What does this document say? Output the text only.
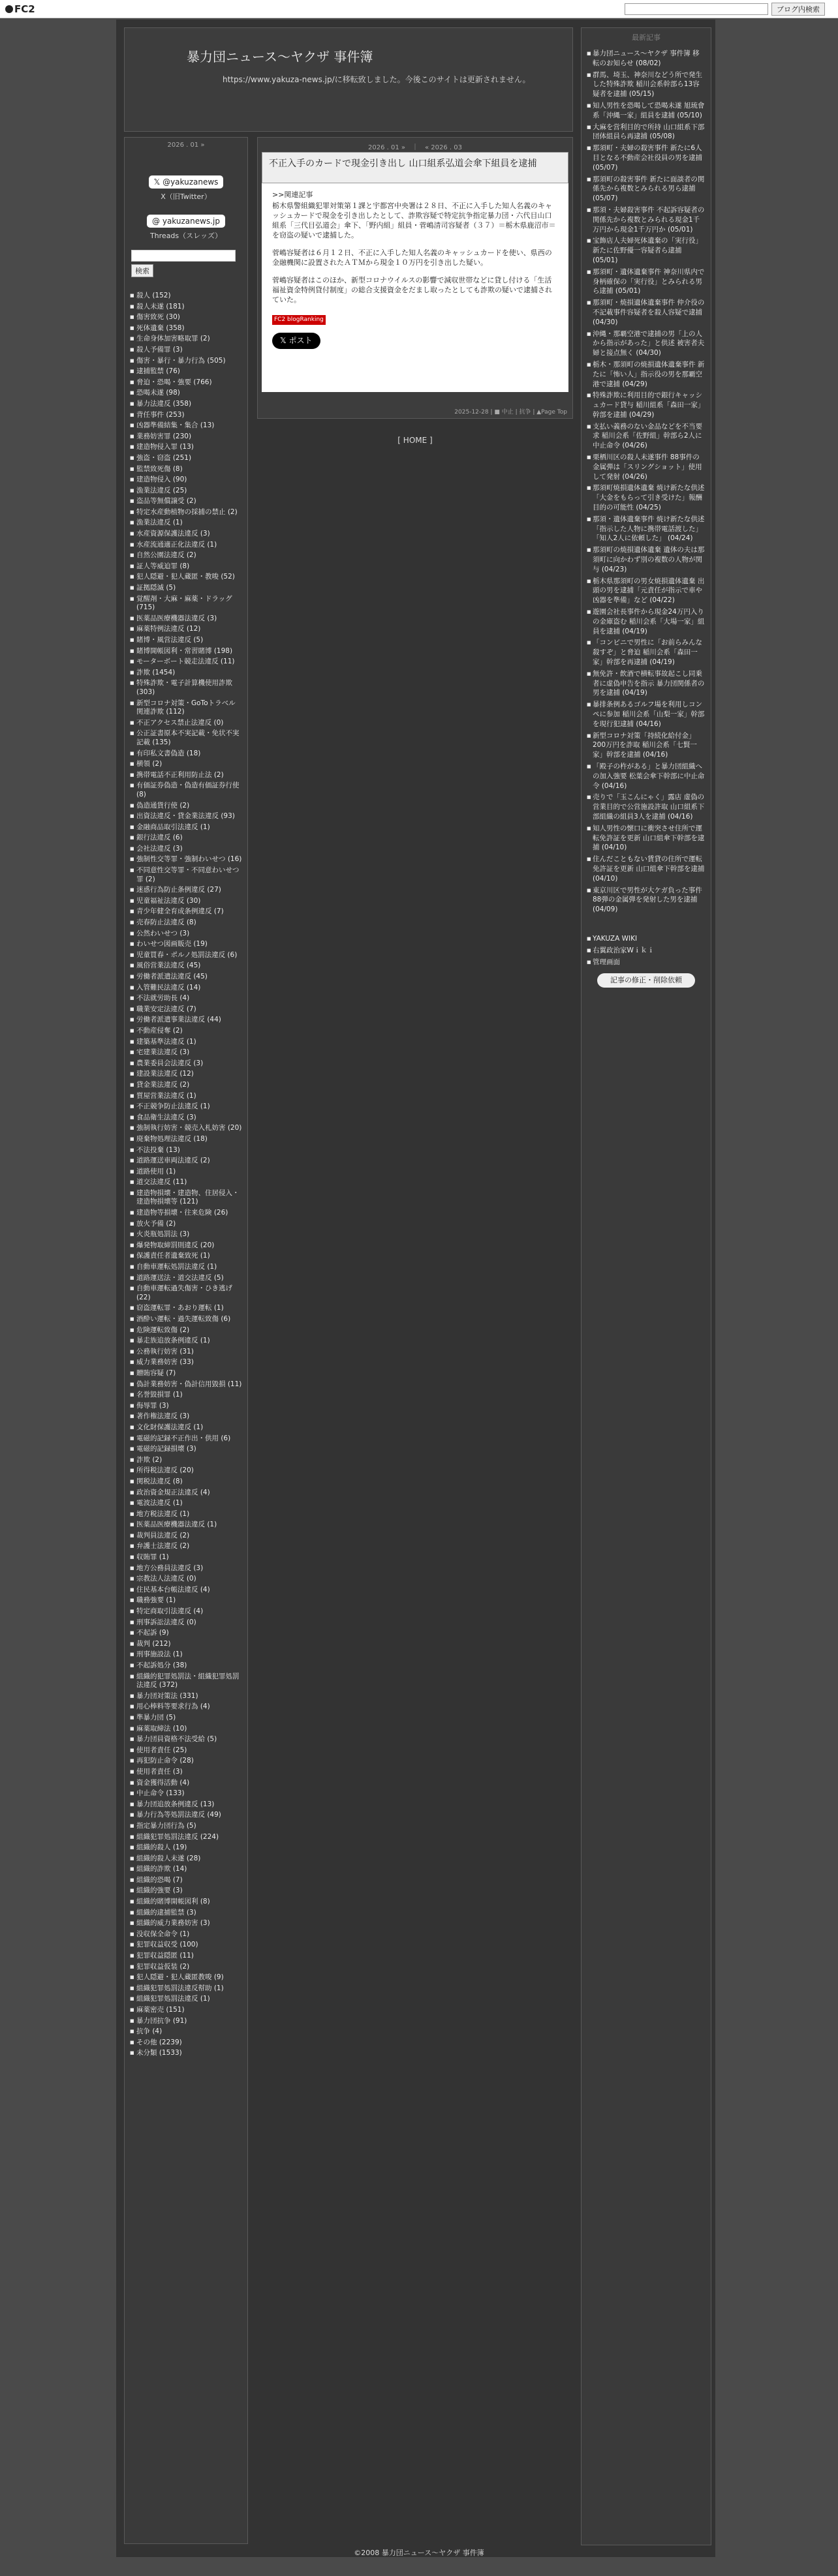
FC2	ブログ内検索
暴力団ニュース〜ヤクザ 事件簿

https://www.yakuza-news.jp/に移転致しました。今後このサイトは更新されません。

2026 . 01 »
𝕏 @yakuzanews
X（旧Twitter）
@ yakuzanews.jp
Threads（スレッズ）
検索
■ 殺人 (152)
■ 殺人未遂 (181)
■ 傷害致死 (30)
■ 死体遺棄 (358)
■ 生命身体加害略取罪 (2)
■ 殺人予備罪 (3)
■ 傷害・暴行・暴力行為 (505)
■ 逮捕監禁 (76)
■ 脅迫・恐喝・強要 (766)
■ 恐喝未遂 (98)
■ 暴力法違反 (358)
■ 背任事件 (253)
■ 凶器準備結集・集合 (13)
■ 業務妨害罪 (230)
■ 建造物侵入罪 (13)
■ 強盗・窃盗 (251)
■ 監禁致死傷 (8)
■ 建造物侵入 (90)
■ 漁業法違反 (25)
■ 盗品等無償譲受 (2)
■ 特定水産動植物の採捕の禁止 (2)
■ 漁業法違反 (1)
■ 水産資源保護法違反 (3)
■ 水産流通適正化法違反 (1)
■ 自然公園法違反 (2)
■ 証人等威迫罪 (8)
■ 犯人隠避・犯人蔵匿・教唆 (52)
■ 証拠隠滅 (5)
■ 覚醒剤・大麻・麻薬・ドラッグ (715)
■ 医薬品医療機器法違反 (3)
■ 麻薬特例法違反 (12)
■ 賭博・風営法違反 (5)
■ 賭博開帳図利・常習賭博 (198)
■ モーターボート競走法違反 (11)
■ 詐欺 (1454)
■ 特殊詐欺・電子計算機使用詐欺 (303)
■ 新型コロナ対策・GoToトラベル関連詐欺 (112)
■ 不正アクセス禁止法違反 (0)
■ 公正証書原本不実記載・免状不実記載 (135)
■ 有印私文書偽造 (18)
■ 横領 (2)
■ 携帯電話不正利用防止法 (2)
■ 有価証券偽造・偽造有価証券行使 (8)
■ 偽造通貨行使 (2)
■ 出資法違反・貸金業法違反 (93)
■ 金融商品取引法違反 (1)
■ 銀行法違反 (6)
■ 会社法違反 (3)
■ 強制性交等罪・強制わいせつ (16)
■ 不同意性交等罪・不同意わいせつ罪 (2)
■ 迷惑行為防止条例違反 (27)
■ 児童福祉法違反 (30)
■ 青少年健全育成条例違反 (7)
■ 売春防止法違反 (8)
■ 公然わいせつ (3)
■ わいせつ図画販売 (19)
■ 児童買春・ポルノ処罰法違反 (6)
■ 風俗営業法違反 (45)
■ 労働者派遣法違反 (45)
■ 入管難民法違反 (14)
■ 不法就労助長 (4)
■ 職業安定法違反 (7)
■ 労働者派遣事業法違反 (44)
■ 不動産侵奪 (2)
■ 建築基準法違反 (1)
■ 宅建業法違反 (3)
■ 農業委員会法違反 (3)
■ 建設業法違反 (12)
■ 貸金業法違反 (2)
■ 質屋営業法違反 (1)
■ 不正競争防止法違反 (1)
■ 食品衛生法違反 (3)
■ 強制執行妨害・競売入札妨害 (20)
■ 廃棄物処理法違反 (18)
■ 不法投棄 (13)
■ 道路運送車両法違反 (2)
■ 道路使用 (1)
■ 道交法違反 (11)
■ 建造物損壊・建造物、住居侵入・建造物損壊等 (121)
■ 建造物等損壊・往来危険 (26)
■ 放火予備 (2)
■ 火炎瓶処罰法 (3)
■ 爆発物取締罰則違反 (20)
■ 保護責任者遺棄致死 (1)
■ 自動車運転処罰法違反 (1)
■ 道路運送法・道交法違反 (5)
■ 自動車運転過失傷害・ひき逃げ (22)
■ 窃盗運転罪・あおり運転 (1)
■ 酒酔い運転・過失運転致傷 (6)
■ 危険運転致傷 (2)
■ 暴走族追放条例違反 (1)
■ 公務執行妨害 (31)
■ 威力業務妨害 (33)
■ 贈賄容疑 (7)
■ 偽計業務妨害・偽計信用毀損 (11)
■ 名誉毀損罪 (1)
■ 侮辱罪 (3)
■ 著作権法違反 (3)
■ 文化財保護法違反 (1)
■ 電磁的記録不正作出・供用 (6)
■ 電磁的記録損壊 (3)
■ 詐欺 (2)
■ 所得税法違反 (20)
■ 関税法違反 (8)
■ 政治資金規正法違反 (4)
■ 電波法違反 (1)
■ 地方税法違反 (1)
■ 医薬品医療機器法違反 (1)
■ 裁判員法違反 (2)
■ 弁護士法違反 (2)
■ 収賄罪 (1)
■ 地方公務員法違反 (3)
■ 宗教法人法違反 (0)
■ 住民基本台帳法違反 (4)
■ 職務強要 (1)
■ 特定商取引法違反 (4)
■ 刑事訴訟法違反 (0)
■ 不起訴 (9)
■ 裁判 (212)
■ 刑事施設法 (1)
■ 不起訴処分 (38)
■ 組織的犯罪処罰法・組織犯罪処罰法違反 (372)
■ 暴力団対策法 (331)
■ 用心棒料等要求行為 (4)
■ 準暴力団 (5)
■ 麻薬取締法 (10)
■ 暴力団員資格不法受給 (5)
■ 使用者責任 (25)
■ 再犯防止命令 (28)
■ 使用者責任 (3)
■ 資金獲得活動 (4)
■ 中止命令 (133)
■ 暴力団追放条例違反 (13)
■ 暴力行為等処罰法違反 (49)
■ 指定暴力団行為 (5)
■ 組織犯罪処罰法違反 (224)
■ 組織的殺人 (19)
■ 組織的殺人未遂 (28)
■ 組織的詐欺 (14)
■ 組織的恐喝 (7)
■ 組織的強要 (3)
■ 組織的賭博開帳図利 (8)
■ 組織的逮捕監禁 (3)
■ 組織的威力業務妨害 (3)
■ 没収保全命令 (1)
■ 犯罪収益収受 (100)
■ 犯罪収益隠匿 (11)
■ 犯罪収益仮装 (2)
■ 犯人隠避・犯人蔵匿教唆 (9)
■ 組織犯罪処罰法違反幇助 (1)
■ 組織犯罪処罰法違反 (1)
■ 麻薬密売 (151)
■ 暴力団抗争 (91)
■ 抗争 (4)
■ その他 (2239)
■ 未分類 (1533)
2026 . 01 »　｜　« 2026 . 03
不正入手のカードで現金引き出し 山口組系弘道会傘下組員を逮捕

>>関連記事

栃木県警組織犯罪対策第１課と宇都宮中央署は２８日、不正に入手した知人名義のキャッシュカードで現金を引き出したとして、詐欺容疑で特定抗争指定暴力団・六代目山口組系「三代目弘道会」傘下、「野内組」組員・菅嶋清司容疑者（３７）＝栃木県鹿沼市＝を窃盗の疑いで逮捕した。

菅嶋容疑者は６月１２日、不正に入手した知人名義のキャッシュカードを使い、県西の金融機関に設置されたＡＴＭから現金１０万円を引き出した疑い。

菅嶋容疑者はこのほか、新型コロナウイルスの影響で減収世帯などに貸し付ける「生活福祉資金特例貸付制度」の総合支援資金をだまし取ったとしても詐欺の疑いで逮捕されていた。

FC2 blogRanking
𝕏 ポスト
2025-12-28 | ■ 中止 | 抗争 | ▲Page Top
[ HOME ]
最新記事
■ 暴力団ニュース〜ヤクザ 事件簿 移転のお知らせ (08/02)
■ 群馬、埼玉、神奈川などう所で発生した特殊詐欺 稲川会系幹部ら13容疑者を逮捕 (05/15)
■ 知人男性を恐喝して恐喝未遂 旭琉會系「沖縄一家」組員を逮捕 (05/10)
■ 大麻を営利目的で所持 山口組系下部団体組員ら再逮捕 (05/08)
■ 那須町・夫婦の殺害事件 新たに6人目となる不動産会社役員の男を逮捕 (05/07)
■ 那須町の殺害事件 新たに面談者の関係先から複数とみられる男ら逮捕 (05/07)
■ 那須・夫婦殺害事件 不起訴容疑者の関係先から複数とみられる現金1千万円から現金1千万円か (05/01)
■ 宝飾店人夫婦死体遺棄の「実行役」新たに佐野優一容疑者ら逮捕 (05/01)
■ 那須町・遺体遺棄事件 神奈川県内で身柄確保の「実行役」とみられる男ら逮捕 (05/01)
■ 那須町・焼損遺体遺棄事件 仲介役の不記載事件容疑者を殺人容疑で逮捕 (04/30)
■ 沖縄・那覇空港で逮捕の男「上の人から指示があった」と供述 被害者夫婦と接点無く (04/30)
■ 栃木・那須町の焼損遺体遺棄事件 新たに「怖い人」指示役の男を那覇空港で逮捕 (04/29)
■ 特殊詐欺に利用目的で銀行キャッシュカード貸与 稲川組系「森田一家」幹部を逮捕 (04/29)
■ 支払い義務のない金品などを不当要求 稲川会系「佐野組」幹部ら2人に中止命令 (04/26)
■ 栗栖川区の殺人未遂事件 88事件の金属弾は「スリングショット」使用して発射 (04/26)
■ 那須町焼損遺体遺棄 焼け新たな供述「大金をもらって引き受けた」報酬目的の可能性 (04/25)
■ 那須・遺体遺棄事件 焼け新たな供述「指示した人物に携帯電話渡した」「知人2人に依頼した」 (04/24)
■ 那須町の焼損遺体遺棄 遺体の夫は那須町に向かわず別の複数の人物が関与 (04/23)
■ 栃木県那須町の男女焼損遺体遺棄 出頭の男を逮捕「元責任が指示で車や凶器を準備」など (04/22)
■ 遊園会社長事件から現金24万円入りの金庫盗む 稲川会系「大場一家」組員を逮捕 (04/19)
■ 「コンビニで男性に「お前らみんな殺すぞ」と脅迫 稲川会系「森田一家」幹部を再逮捕 (04/19)
■ 無免許・飲酒で横転事故起こし同乗者に虚偽申告を指示 暴力団関係者の男を逮捕 (04/19)
■ 暴排条例あるゴルフ場を利用しコンペに参加 稲川会系「山梨一家」幹部を現行犯逮捕 (04/16)
■ 新型コロナ対策「持続化給付金」200万円を詐取 稲川会系「七賢一家」幹部を逮捕 (04/16)
■ 「殿子の杵がある」と暴力団組織への加入強要 松葉会傘下幹部に中止命令 (04/16)
■ 売りで「玉こんにゃく」露店 虚偽の営業目的で公営施設許取 山口組系下部組織の組員3人を逮捕 (04/16)
■ 知人男性の懐口に衝突させ住所で運転免許証を更新 山口組傘下幹部を逮捕 (04/10)
■ 住んだこともない賃貸の住所で運転免許証を更新 山口組傘下幹部を逮捕 (04/10)
■ 東京川区で男性が大ケガ負った事件 88弾の金属弾を発射した男を逮捕 (04/09)
■ YAKUZA WIKI
■ 右翼政治家Wｉｋｉ
■ 管理画面
記事の修正・削除依頼
©2008 暴力団ニュース〜ヤクザ 事件簿
